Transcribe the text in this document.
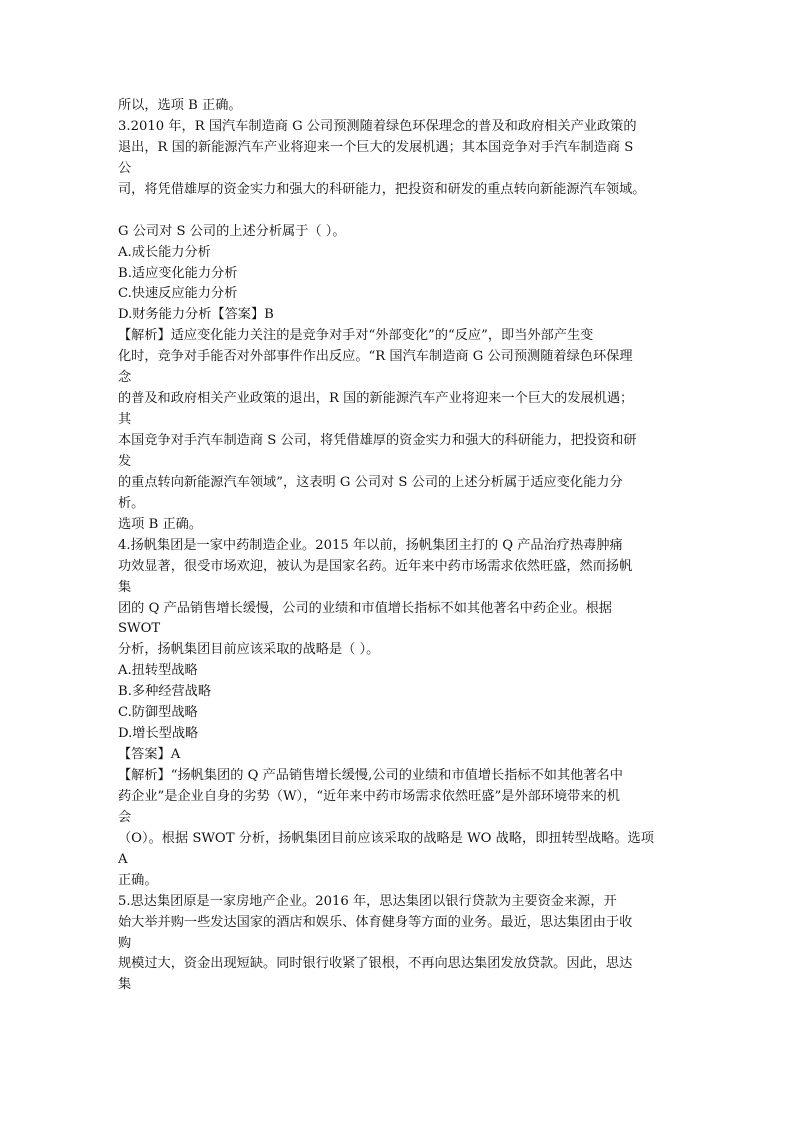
所以，选项 B 正确。
3.2010 年，R 国汽车制造商 G 公司预测随着绿色环保理念的普及和政府相关产业政策的
退出，R 国的新能源汽车产业将迎来一个巨大的发展机遇；其本国竞争对手汽车制造商 S
公
司，将凭借雄厚的资金实力和强大的科研能力，把投资和研发的重点转向新能源汽车领域。
G 公司对 S 公司的上述分析属于（ ）。
A.成长能力分析
B.适应变化能力分析
C.快速反应能力分析
D.财务能力分析【答案】B
【解析】适应变化能力关注的是竞争对手对“外部变化”的“反应”，即当外部产生变
化时，竞争对手能否对外部事件作出反应。“R 国汽车制造商 G 公司预测随着绿色环保理
念
的普及和政府相关产业政策的退出，R 国的新能源汽车产业将迎来一个巨大的发展机遇；
其
本国竞争对手汽车制造商 S 公司，将凭借雄厚的资金实力和强大的科研能力，把投资和研
发
的重点转向新能源汽车领域”，这表明 G 公司对 S 公司的上述分析属于适应变化能力分
析。
选项 B 正确。
4.扬帆集团是一家中药制造企业。2015 年以前，扬帆集团主打的 Q 产品治疗热毒肿痛
功效显著，很受市场欢迎，被认为是国家名药。近年来中药市场需求依然旺盛，然而扬帆
集
团的 Q 产品销售增长缓慢，公司的业绩和市值增长指标不如其他著名中药企业。根据
SWOT
分析，扬帆集团目前应该采取的战略是（ ）。
A.扭转型战略
B.多种经营战略
C.防御型战略
D.增长型战略
【答案】A
【解析】“扬帆集团的 Q 产品销售增长缓慢,公司的业绩和市值增长指标不如其他著名中
药企业”是企业自身的劣势（W），“近年来中药市场需求依然旺盛”是外部环境带来的机
会
（O）。根据 SWOT 分析，扬帆集团目前应该采取的战略是 WO 战略，即扭转型战略。选项
A
正确。
5.思达集团原是一家房地产企业。2016 年，思达集团以银行贷款为主要资金来源，开
始大举并购一些发达国家的酒店和娱乐、体育健身等方面的业务。最近，思达集团由于收
购
规模过大，资金出现短缺。同时银行收紧了银根，不再向思达集团发放贷款。因此，思达
集
